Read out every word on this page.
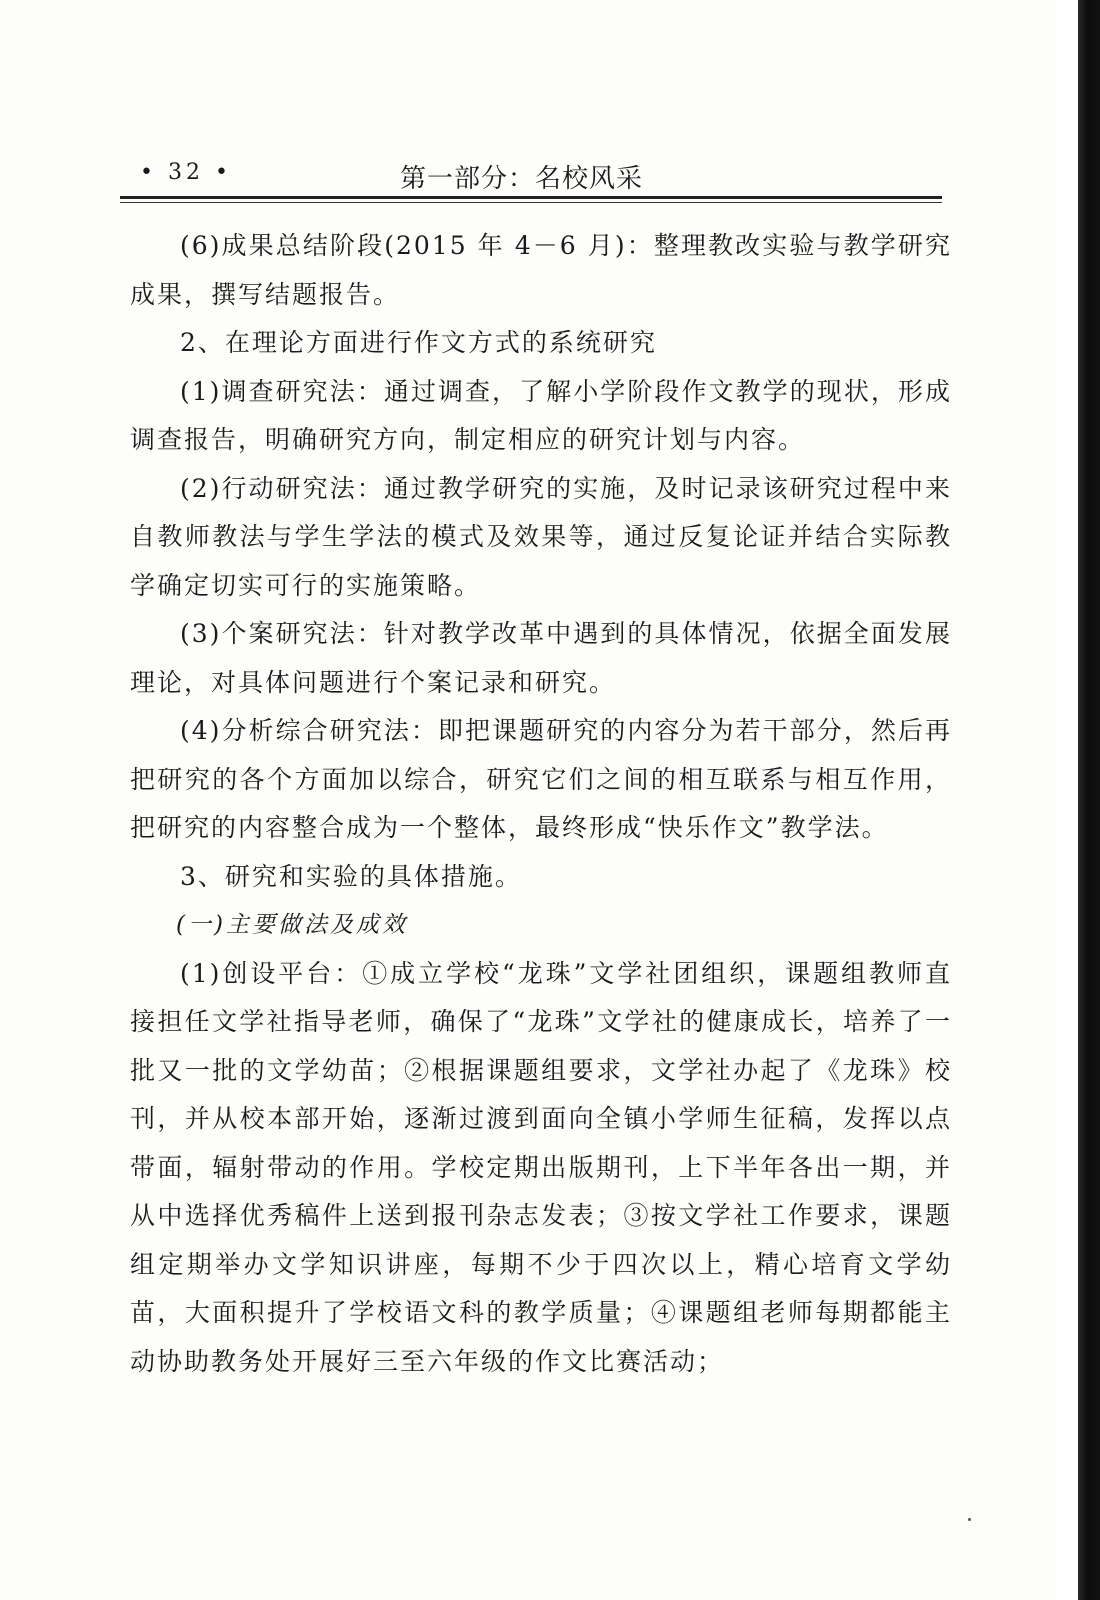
• 32 •	第一部分：名校风采

(6)成果总结阶段(2015 年 4－6 月)：整理教改实验与教学研究成果，撰写结题报告。

2、在理论方面进行作文方式的系统研究

(1)调查研究法：通过调查，了解小学阶段作文教学的现状，形成调查报告，明确研究方向，制定相应的研究计划与内容。

(2)行动研究法：通过教学研究的实施，及时记录该研究过程中来自教师教法与学生学法的模式及效果等，通过反复论证并结合实际教学确定切实可行的实施策略。

(3)个案研究法：针对教学改革中遇到的具体情况，依据全面发展理论，对具体问题进行个案记录和研究。

(4)分析综合研究法：即把课题研究的内容分为若干部分，然后再把研究的各个方面加以综合，研究它们之间的相互联系与相互作用，把研究的内容整合成为一个整体，最终形成“快乐作文”教学法。

3、研究和实验的具体措施。

(一)主要做法及成效

(1)创设平台：①成立学校“龙珠”文学社团组织，课题组教师直接担任文学社指导老师，确保了“龙珠”文学社的健康成长，培养了一批又一批的文学幼苗；②根据课题组要求，文学社办起了《龙珠》校刊，并从校本部开始，逐渐过渡到面向全镇小学师生征稿，发挥以点带面，辐射带动的作用。学校定期出版期刊，上下半年各出一期，并从中选择优秀稿件上送到报刊杂志发表；③按文学社工作要求，课题组定期举办文学知识讲座，每期不少于四次以上，精心培育文学幼苗，大面积提升了学校语文科的教学质量；④课题组老师每期都能主动协助教务处开展好三至六年级的作文比赛活动；
